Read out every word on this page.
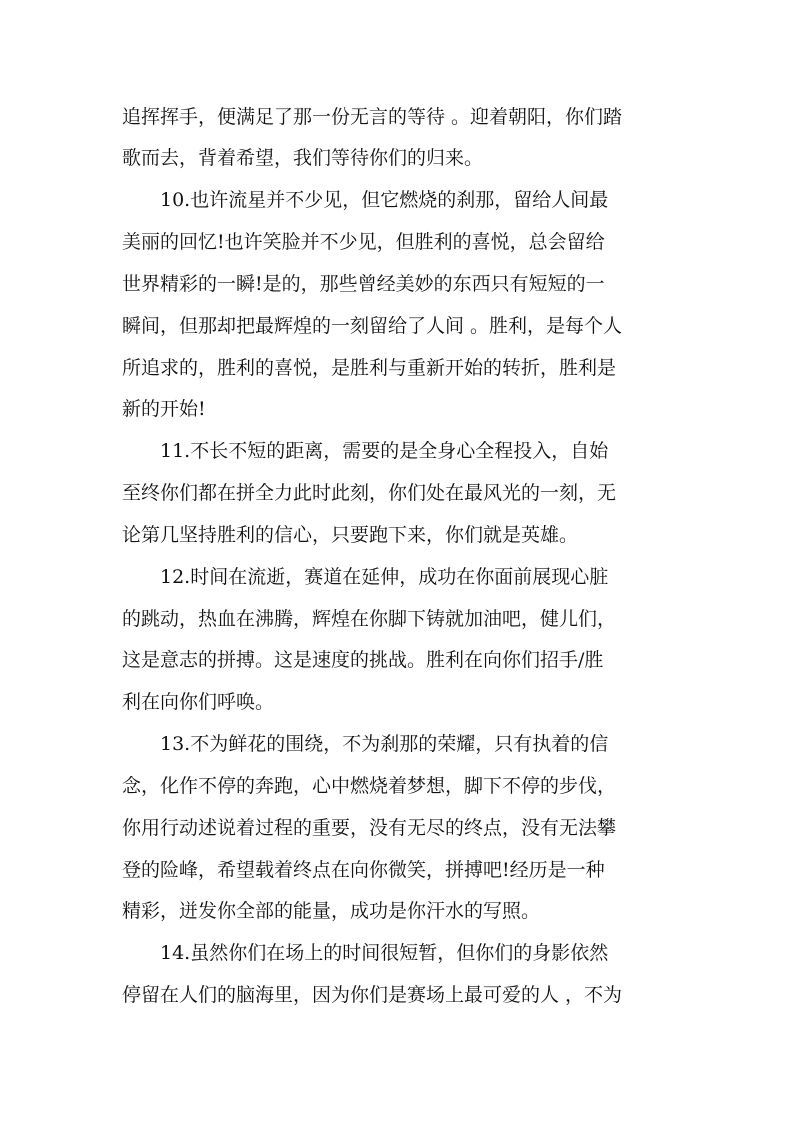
追挥挥手，便满足了那一份无言的等待 。迎着朝阳，你们踏
歌而去，背着希望，我们等待你们的归来。
10.也许流星并不少见，但它燃烧的刹那，留给人间最
美丽的回忆!也许笑脸并不少见，但胜利的喜悦，总会留给
世界精彩的一瞬!是的，那些曾经美妙的东西只有短短的一
瞬间，但那却把最辉煌的一刻留给了人间 。胜利，是每个人
所追求的，胜利的喜悦，是胜利与重新开始的转折，胜利是
新的开始!
11.不长不短的距离，需要的是全身心全程投入，自始
至终你们都在拼全力此时此刻，你们处在最风光的一刻，无
论第几坚持胜利的信心，只要跑下来，你们就是英雄。
12.时间在流逝，赛道在延伸，成功在你面前展现心脏
的跳动，热血在沸腾，辉煌在你脚下铸就加油吧，健儿们，
这是意志的拼搏。这是速度的挑战。胜利在向你们招手/胜
利在向你们呼唤。
13.不为鲜花的围绕，不为刹那的荣耀，只有执着的信
念，化作不停的奔跑，心中燃烧着梦想，脚下不停的步伐，
你用行动述说着过程的重要，没有无尽的终点，没有无法攀
登的险峰，希望载着终点在向你微笑，拼搏吧!经历是一种
精彩，迸发你全部的能量，成功是你汗水的写照。
14.虽然你们在场上的时间很短暂，但你们的身影依然
停留在人们的脑海里，因为你们是赛场上最可爱的人 ，不为
